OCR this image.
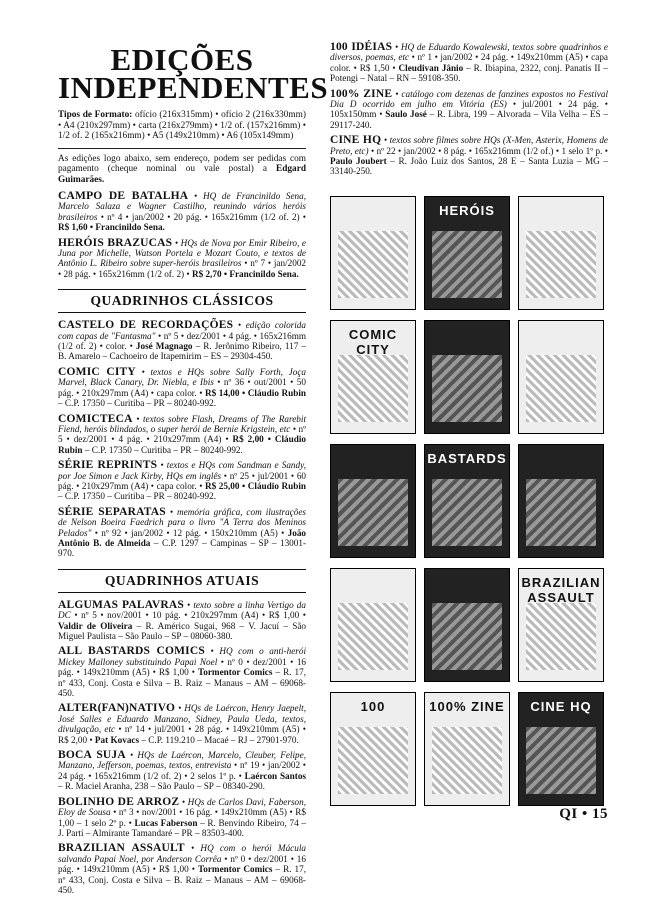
EDIÇÕES
INDEPENDENTES
Tipos de Formato: ofício (216x315mm) • ofício 2 (216x330mm) • A4 (210x297mm) • carta (216x279mm) • 1/2 of. (157x216mm) • 1/2 of. 2 (165x216mm) • A5 (149x210mm) • A6 (105x149mm)
As edições logo abaixo, sem endereço, podem ser pedidas com pagamento (cheque nominal ou vale postal) a Edgard Guimarães.
CAMPO DE BATALHA • HQ de Francinildo Sena, Marcelo Salaza e Wagner Castilho, reunindo vários heróis brasileiros • nº 4 • jan/2002 • 20 pág. • 165x216mm (1/2 of. 2) • R$ 1,60 • Francinildo Sena.
HERÓIS BRAZUCAS • HQs de Nova por Emir Ribeiro, e Juna por Michelle, Watson Portela e Mozart Couto, e textos de Antônio L. Ribeiro sobre super-heróis brasileiros • nº 7 • jan/2002 • 28 pág. • 165x216mm (1/2 of. 2) • R$ 2,70 • Francinildo Sena.
QUADRINHOS CLÁSSICOS
CASTELO DE RECORDAÇÕES • edição colorida com capas de "Fantasma" • nº 5 • dez/2001 • 4 pág. • 165x216mm (1/2 of. 2) • color. • José Magnago – R. Jerônimo Ribeiro, 117 – B. Amarelo – Cachoeiro de Itapemirim – ES – 29304-450.
COMIC CITY • textos e HQs sobre Sally Forth, Joça Marvel, Black Canary, Dr. Niebla, e Ibis • nº 36 • out/2001 • 50 pág. • 210x297mm (A4) • capa color. • R$ 14,00 • Cláudio Rubin – C.P. 17350 – Curitiba – PR – 80240-992.
COMICTECA • textos sobre Flash, Dreams of The Rarebit Fiend, heróis blindados, o super herói de Bernie Krigstein, etc • nº 5 • dez/2001 • 4 pág. • 210x297mm (A4) • R$ 2,00 • Cláudio Rubin – C.P. 17350 – Curitiba – PR – 80240-992.
SÉRIE REPRINTS • textos e HQs com Sandman e Sandy, por Joe Simon e Jack Kirby, HQs em inglês • nº 25 • jul/2001 • 60 pág. • 210x297mm (A4) • capa color. • R$ 25,00 • Cláudio Rubin – C.P. 17350 – Curitiba – PR – 80240-992.
SÉRIE SEPARATAS • memória gráfica, com ilustrações de Nelson Boeira Faedrich para o livro "A Terra dos Meninos Pelados" • nº 92 • jan/2002 • 12 pág. • 150x210mm (A5) • João Antônio B. de Almeida – C.P. 1297 – Campinas – SP – 13001-970.
QUADRINHOS ATUAIS
ALGUMAS PALAVRAS • texto sobre a linha Vertigo da DC • nº 5 • nov/2001 • 10 pág. • 210x297mm (A4) • R$ 1,00 • Valdir de Oliveira – R. Américo Sugai, 968 – V. Jacuí – São Miguel Paulista – São Paulo – SP – 08060-380.
ALL BASTARDS COMICS • HQ com o anti-herói Mickey Malloney substituindo Papai Noel • nº 0 • dez/2001 • 16 pág. • 149x210mm (A5) • R$ 1,00 • Tormentor Comics – R. 17, nº 433, Conj. Costa e Silva – B. Raiz – Manaus – AM – 69068-450.
ALTER(FAN)NATIVO • HQs de Laércon, Henry Jaepelt, José Salles e Eduardo Manzano, Sidney, Paula Ueda, textos, divulgação, etc • nº 14 • jul/2001 • 28 pág. • 149x210mm (A5) • R$ 2,00 • Pat Kovacs – C.P. 119.210 – Macaé – RJ – 27901-970.
BOCA SUJA • HQs de Laércon, Marcelo, Cleuber, Felipe, Manzano, Jefferson, poemas, textos, entrevista • nº 19 • jan/2002 • 24 pág. • 165x216mm (1/2 of. 2) • 2 selos 1º p. • Laércon Santos – R. Maciel Aranha, 238 – São Paulo – SP – 08340-290.
BOLINHO DE ARROZ • HQs de Carlos Davi, Faberson, Eloy de Sousa • nº 3 • nov/2001 • 16 pág. • 149x210mm (A5) • R$ 1,00 – 1 selo 2º p. • Lucas Faberson – R. Benvindo Ribeiro, 74 – J. Parti – Almirante Tamandaré – PR – 83503-400.
BRAZILIAN ASSAULT • HQ com o herói Mácula salvando Papai Noel, por Anderson Corrêa • nº 0 • dez/2001 • 16 pág. • 149x210mm (A5) • R$ 1,00 • Tormentor Comics – R. 17, nº 433, Conj. Costa e Silva – B. Raiz – Manaus – AM – 69068-450.
100 IDÉIAS • HQ de Eduardo Kowalewski, textos sobre quadrinhos e diversos, poemas, etc • nº 1 • jan/2002 • 24 pág. • 149x210mm (A5) • capa color. • R$ 1,50 • Cleudivan Jânio – R. Ibiapina, 2322, conj. Panatis II – Potengi – Natal – RN – 59108-350.
100% ZINE • catálogo com dezenas de fanzines expostos no Festival Dia D ocorrido em julho em Vitória (ES) • jul/2001 • 24 pág. • 105x150mm • Saulo José – R. Libra, 199 – Alvorada – Vila Velha – ES – 29117-240.
CINE HQ • textos sobre filmes sobre HQs (X-Men, Asterix, Homens de Preto, etc) • nº 22 • jan/2002 • 8 pág. • 165x216mm (1/2 of.) • 1 selo 1º p. • Paulo Joubert – R. João Luiz dos Santos, 28 E – Santa Luzia – MG – 33140-250.
HERÓIS
COMIC CITY
BASTARDS
BRAZILIAN ASSAULT
100	100% ZINE	CINE HQ
QI • 15
